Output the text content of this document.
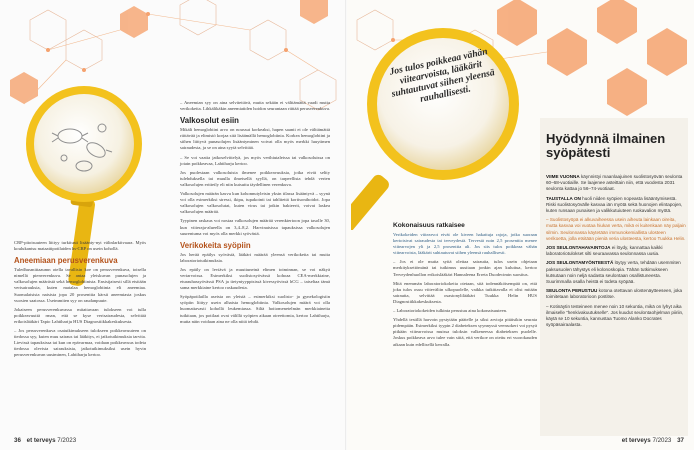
CRP-pitoisuuteen liittyy turkitusti lisäänty-nyt välinlarkitvaara. Myös koulukantsu mataattipotilaiden hs-CRP on usein kohollä.

Aneemiaan perusverenkuva

Tuledhusmittaaumn otella tavallisin koe on perusverenkuva, toisella nimellä pienverenkuva. Se antaa yleiskuvan punasolujen ja valkosolujen määrästä sekä hemoglobiinista. Ensisijaisesti sillä etsitään verisairauksia, kuten matalaa hemoglobiinia eli aneemiaa. Suomalaisista naisista jopa 20 prosenttia kärsii aneemiasta joskus vuosien saatossa. Useimmiten syy on raudanpuute.

Jokaiseen perusverenkuvassa mitattavaan tulokseen voi tulla poikkeavuuttä rman, että se kyse verisairaudesta, selvittää erikoislääkäri Tapio Lahtihariju HUS Diagnostiikkakeskuksesta.

– Jos perusverenkuva osatutkimukseen tulokseen poikkeavuuteen on tiedossa syy, kuten muu sairaus tai lääkitys, ei jatkotutkimuksia tarvita. Lievissä tapauksissa tai kun on epävarmaa, voidaan poikkeavuus todeta tiedossa olevista sairauksista, jatkotutkimuksiksi usein hyvin perusverenkuvan uusiminen, Lahtiharju kertoo.

– Aneemian syy on aina selvitettävä, mutta sekään ei välttämättä vaadi mutta verikokeita. Lihkälikäkin aneemiatiden hoidon seurantaan riittää perusverenkuva.

Valkosolut esiin

Mikäli hemoglobiini arvo on noussut korkeaksi, hapen saanti ei ole välttämättä riittävää ja elimistö korjaa sitä lisäämällä hemoglobiinia. Korkea hemoglobiini ja siihen liittyvä punasolujen lisääntyminen voivat olla myös merkki luuytimen sairaudesta, ja se on aina syytä selvittää.

– Se voi vaatia jatkoselvittelyä, jos myös verihiutaleissa tai valkosoluissa on jotain poikkeavaa, Lahtiharju kertoo.

Jos puolestaan valkosoluista ilmenee poikkeavuuksia, jotka eivät selity tulehduksella tai muulla ilmeisellä syyllä, on tarpeellista tehdä verien valkosolujen eritteily eli niin kutsuttu täydellinen verenkuva.

Valkosolujen määrän kasvu kun kohonnutyleisin yksin tilassa lisääntyvä – syynä voi olla esimerkiksi stressi, ikipu, tupakointi tai tahlitettä kortisonihoidot. Jopa valkosolujen valkosolutat, kuten virus tai jotkin bakteerit, voivat laskea valkosolujen määrää.

Tyypinen raskaus voi nostaa valkosolujen määrää verenkiertoon jopa tasolle 30, kun viiteraja-alueella on 3,4–8,2. Harvinaisissa tapauksissa valkosolujen suurentuma voi myös olla merkki syövästä.

Verikokeita syöpiin

Jos herää epäilys syövästä, lääkäri määrää yleensä verikokeita tai muita laboratoriotutkimuksia.

Jos epäily on leviävä ja muuttuneinä elimen toiminnan, se voi näkyä veriarvoissa. Esimerkiksi suolistosyövässä kohoaa CEA-merkkiaine, eturauhassyövässä PSA ja tietyntyyppisissä kivessyövissä hCG – taiseltaa tämä sama merkkiaine kertoo raskaudesta.

Syöpäpotilailla aseista on yleistä – esimerkiksi suolisto- ja gynekologisiin syöpiin liittyy usein alhaista hemoglobiinia. Valkosolujen määrä voi olla huomattavasti kohollä leukemiassa. Siltä hoitomenetelmän merkkiaineita tutkitaan, jos potilaat ovat välillä syöpien aikaan oireettomia, kertoo Lahtiharju, mutta näin voidaan aina ne olla niitä tehdä.

36 et terveys 7/2023
Jos tulos poikkeaa vähän viitearvoista, lääkärit suhtautuvat siihen yleensä rauhallisesti.
Kokonaisuus ratkaisee

Verikokeiden viitearvot eivät ole kiveen hakattuja rajoja, jotka suoraan kertoisivat sairaudesta tai terveydestä. Tervestä noin 2,5 prosenttia menee viitearvojen yli ja 2,5 prosenttia ali. Jos siis tulos poikkeaa vähän viitearvoista, lääkärit suhtautuvat siihen yleensä rauhallisesti.

– Jos ei ole mutta syitä olettaa sairautta, tulos usein ohjetaan merkityksettömänä tai tutkimus uusitaan jonkin ajan kuluttua, kertoo Terveydenhuollon erikoislääkäri Hannaleena Erreta Duodecimin suositus.

Mitä enemmän laboratoriokokeita otetaan, sitä todennäköisempää on, että joku tulos osuu viiteväliin ulkopuolelle, vaikka tutkittavalla ei olisi mitään sairautta, selvittää osastonylilääkäri Tuukka Helin HUS Diagnostiikkakeskuksesta.

– Laboratoriokokeiden tulkinta perustuu aina kokonaisuuteen.

Yhdellä testillä harvoin pystytään päätelle ja siksi arvioja pitäisikin seurata pidempään. Esimerkiksi tyypin 2 diabeteksen syynnyssä veensokeri voi pysyä pitkään viitearvoissa muissa tuloksin valkeneessa diabeteksen puolelle. Joskus poikkeava arvo tulee vain siitä, että verikoe on otettu eri vuorokauden aikaan kuin edellisellä kerralla.

et terveys 7/2023 37
Hyödynnä ilmainen syöpätesti

VIIME VUONNA käynnistyi maanlaajuinen suolistosyövän seulonta 60–68-vuotiaille. Se laajenee asteittain niin, että vuodesta 2031 seulonta kattaa jo 56–74-vuotiaat.

TAUSTALLA ON huoli niiden syöpien nopeasta lisääntymisestä. Riski suolistosyövälle kasvaa iän myötä sekä huonojen elintapojen, kuten runsaan punaisen ja valikkutuiuteen ruokavalion myötä.

– Suolistosyöpä ei alkuvaiheessa usein aiheuta lainkaan oireita, mutta kasvaa voi vuotaa hiukan verta, mikä ei kuitenkaan näy paljain silmin. Seulonnassa käytetään immunokemiallista ulosteen verikoetta, jolla etsitään pieniä veria ulosteesta, kertoo Tuukka Helin.

JOS SEULONTAHAVAINTOJA ei löydy, kannattaa kaikki laboratoriotulokset silti seuraavassa seulonnassa uusia.

JOS SEULONTAMYÖNTEESTÄ löytyy verta, tehdään usemmiten paksusuolen tähystys eli kolonoskopia. Tähän tutkimukseen kutsutaan noin neljä sadasta seulontaan osallistuneesta. Suurimmalla osalla heistä ei todeta syöpää.

SEULONTA PERUSTUU kotona otettavan ulostenäytteeseen, joka toimitetaan laboratorioon postitse.

– Kotinäytin testeineen menee noin 10 sekuntia, mikä on lyhyt aika ilmaiselle ”henkivakuutukselle”. Jos kuudut seulontaohjelman piiriin, käytä se 10 sekuntia, kannustaa Tuomo Alanko Docrates syöpäsairaalasta.
